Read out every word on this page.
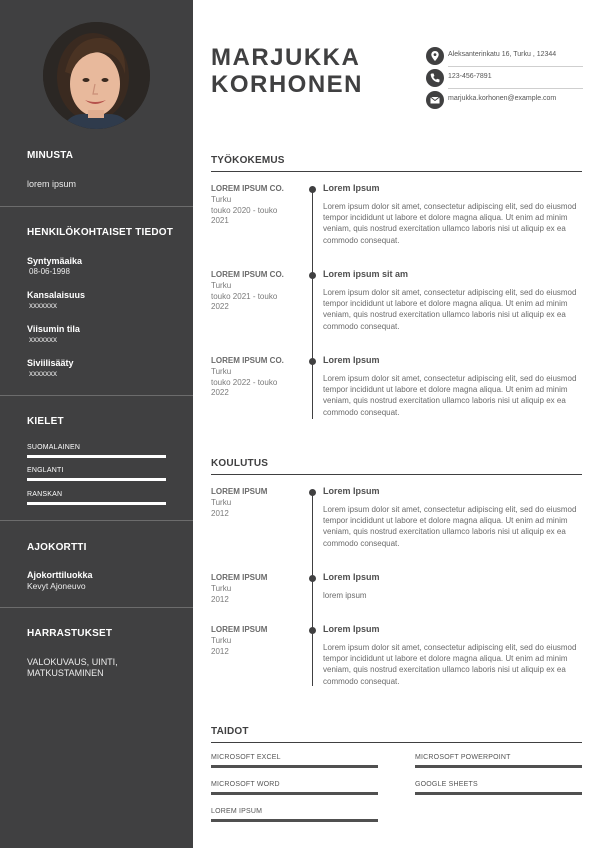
MINUSTA
lorem ipsum
HENKILÖKOHTAISET TIEDOT
Syntymäaika
08-06-1998
Kansalaisuus
xxxxxxx
Viisumin tila
xxxxxxx
Siviilisääty
xxxxxxx
KIELET
SUOMALAINEN
ENGLANTI
RANSKAN
AJOKORTTI
Ajokorttiluokka
Kevyt Ajoneuvo
HARRASTUKSET
VALOKUVAUS, UINTI,
MATKUSTAMINEN
MARJUKKA
KORHONEN
Aleksanterinkatu 16, Turku , 12344
123-456-7891
marjukka.korhonen@example.com
TYÖKOKEMUS
LOREM IPSUM CO.
Turku
touko 2020 - touko
2021
Lorem Ipsum
Lorem ipsum dolor sit amet, consectetur adipiscing elit, sed do eiusmod tempor incididunt ut labore et dolore magna aliqua. Ut enim ad minim veniam, quis nostrud exercitation ullamco laboris nisi ut aliquip ex ea commodo consequat.
LOREM IPSUM CO.
Turku
touko 2021 - touko
2022
Lorem ipsum sit am
Lorem ipsum dolor sit amet, consectetur adipiscing elit, sed do eiusmod tempor incididunt ut labore et dolore magna aliqua. Ut enim ad minim veniam, quis nostrud exercitation ullamco laboris nisi ut aliquip ex ea commodo consequat.
LOREM IPSUM CO.
Turku
touko 2022 - touko
2022
Lorem Ipsum
Lorem ipsum dolor sit amet, consectetur adipiscing elit, sed do eiusmod tempor incididunt ut labore et dolore magna aliqua. Ut enim ad minim veniam, quis nostrud exercitation ullamco laboris nisi ut aliquip ex ea commodo consequat.
KOULUTUS
LOREM IPSUM
Turku
2012
Lorem Ipsum
Lorem ipsum dolor sit amet, consectetur adipiscing elit, sed do eiusmod tempor incididunt ut labore et dolore magna aliqua. Ut enim ad minim veniam, quis nostrud exercitation ullamco laboris nisi ut aliquip ex ea commodo consequat.
LOREM IPSUM
Turku
2012
Lorem Ipsum
lorem ipsum
LOREM IPSUM
Turku
2012
Lorem Ipsum
Lorem ipsum dolor sit amet, consectetur adipiscing elit, sed do eiusmod tempor incididunt ut labore et dolore magna aliqua. Ut enim ad minim veniam, quis nostrud exercitation ullamco laboris nisi ut aliquip ex ea commodo consequat.
TAIDOT
MICROSOFT EXCEL	MICROSOFT POWERPOINT
MICROSOFT WORD	GOOGLE SHEETS
LOREM IPSUM
